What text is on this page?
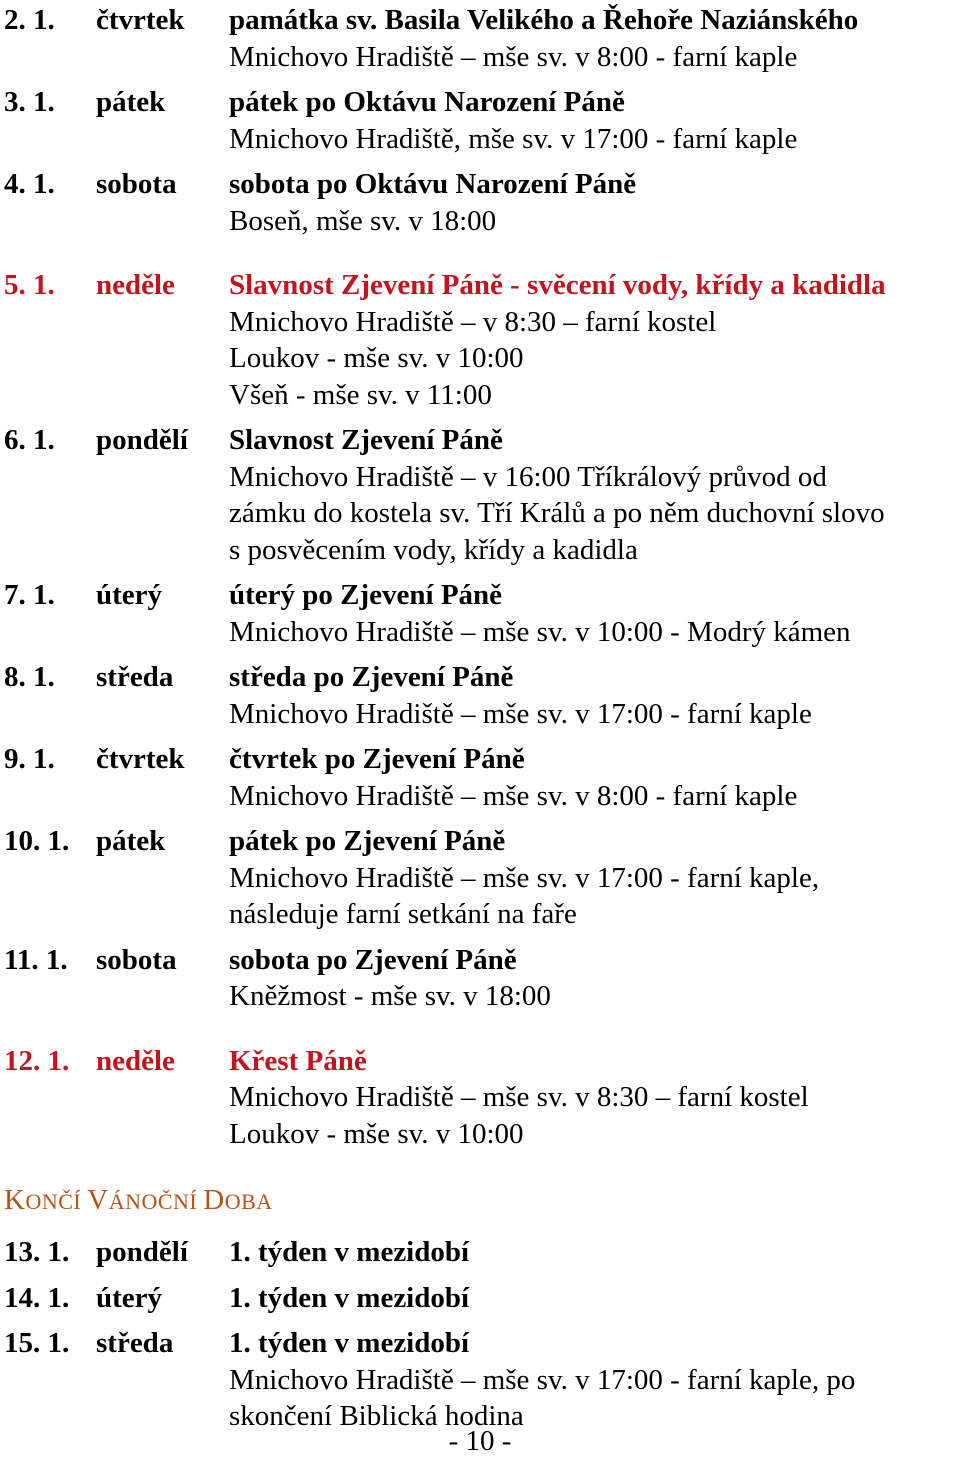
2. 1.	čtvrtek	památka sv. Basila Velikého a Řehoře Naziánského
Mnichovo Hradiště – mše sv. v 8:00 - farní kaple
3. 1.	pátek	pátek po Oktávu Narození Páně
Mnichovo Hradiště, mše sv. v 17:00 - farní kaple
4. 1.	sobota	sobota po Oktávu Narození Páně
Boseň, mše sv. v 18:00
5. 1.	neděle	Slavnost Zjevení Páně - svěcení vody, křídy a kadidla
Mnichovo Hradiště – v 8:30 – farní kostel
Loukov - mše sv. v 10:00
Všeň - mše sv. v 11:00
6. 1.	pondělí	Slavnost Zjevení Páně
Mnichovo Hradiště – v 16:00 Tříkrálový průvod od
zámku do kostela sv. Tří Králů a po něm duchovní slovo
s posvěcením vody, křídy a kadidla
7. 1.	úterý	úterý po Zjevení Páně
Mnichovo Hradiště – mše sv. v 10:00 - Modrý kámen
8. 1.	středa	středa po Zjevení Páně
Mnichovo Hradiště – mše sv. v 17:00 - farní kaple
9. 1.	čtvrtek	čtvrtek po Zjevení Páně
Mnichovo Hradiště – mše sv. v 8:00 - farní kaple
10. 1. pátek	pátek po Zjevení Páně
Mnichovo Hradiště – mše sv. v 17:00 - farní kaple,
následuje farní setkání na faře
11. 1. sobota	sobota po Zjevení Páně
Kněžmost - mše sv. v 18:00
12. 1. neděle	Křest Páně
Mnichovo Hradiště – mše sv. v 8:30 – farní kostel
Loukov - mše sv. v 10:00
KONČÍ VÁNOČNÍ DOBA
13. 1. pondělí	1. týden v mezidobí
14. 1. úterý	1. týden v mezidobí
15. 1. středa	1. týden v mezidobí
Mnichovo Hradiště – mše sv. v 17:00 - farní kaple, po
skončení Biblická hodina
- 10 -
